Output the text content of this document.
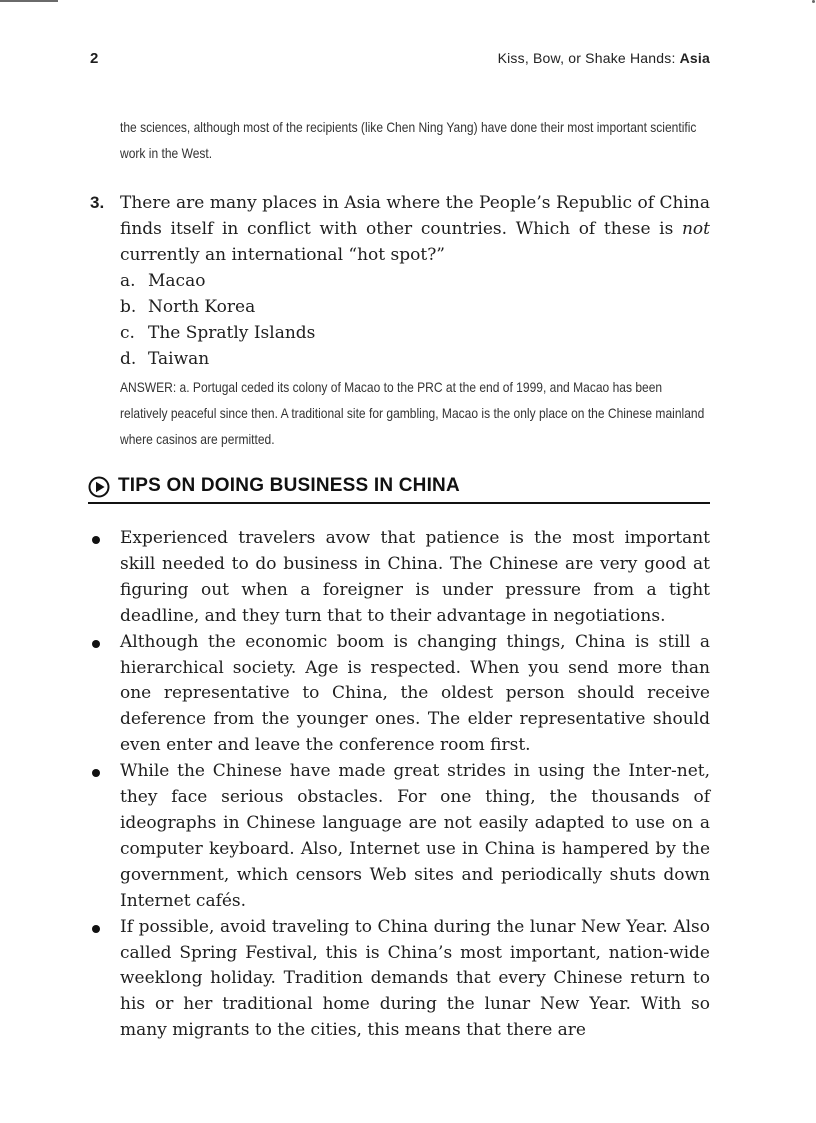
2	Kiss, Bow, or Shake Hands: Asia
the sciences, although most of the recipients (like Chen Ning Yang) have done their most important scientific work in the West.
3. There are many places in Asia where the People’s Republic of China finds itself in conflict with other countries. Which of these is not currently an international “hot spot?”
a. Macao
b. North Korea
c. The Spratly Islands
d. Taiwan
ANSWER: a. Portugal ceded its colony of Macao to the PRC at the end of 1999, and Macao has been relatively peaceful since then. A traditional site for gambling, Macao is the only place on the Chinese mainland where casinos are permitted.
TIPS ON DOING BUSINESS IN CHINA
Experienced travelers avow that patience is the most important skill needed to do business in China. The Chinese are very good at figuring out when a foreigner is under pressure from a tight deadline, and they turn that to their advantage in negotiations.
Although the economic boom is changing things, China is still a hierarchical society. Age is respected. When you send more than one representative to China, the oldest person should receive deference from the younger ones. The elder representative should even enter and leave the conference room first.
While the Chinese have made great strides in using the Inter-net, they face serious obstacles. For one thing, the thousands of ideographs in Chinese language are not easily adapted to use on a computer keyboard. Also, Internet use in China is hampered by the government, which censors Web sites and periodically shuts down Internet cafés.
If possible, avoid traveling to China during the lunar New Year. Also called Spring Festival, this is China’s most important, nation-wide weeklong holiday. Tradition demands that every Chinese return to his or her traditional home during the lunar New Year. With so many migrants to the cities, this means that there are
